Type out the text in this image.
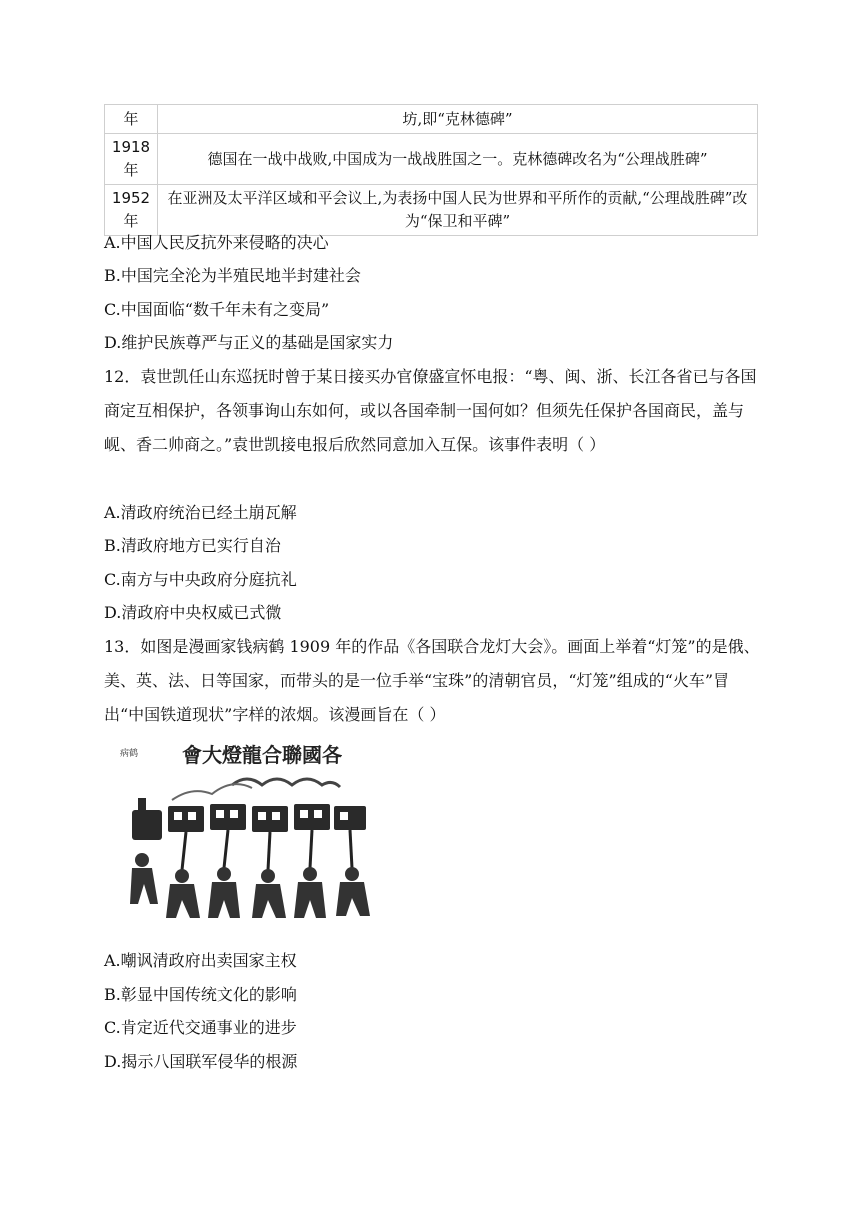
年	坊,即“克林德碑”
1918
年	德国在一战中战败,中国成为一战战胜国之一。克林德碑改名为“公理战胜碑”
1952
年	在亚洲及太平洋区域和平会议上,为表扬中国人民为世界和平所作的贡献,“公理战胜碑”改为“保卫和平碑”
A.中国人民反抗外来侵略的决心
B.中国完全沦为半殖民地半封建社会
C.中国面临“数千年未有之变局”
D.维护民族尊严与正义的基础是国家实力
12．袁世凯任山东巡抚时曾于某日接买办官僚盛宣怀电报：“粤、闽、浙、长江各省已与各国商定互相保护，各领事询山东如何，或以各国牵制一国何如？但须先任保护各国商民，盖与岘、香二帅商之。”袁世凯接电报后欣然同意加入互保。该事件表明（ ）
A.清政府统治已经土崩瓦解
B.清政府地方已实行自治
C.南方与中央政府分庭抗礼
D.清政府中央权威已式微
13．如图是漫画家钱病鹤 1909 年的作品《各国联合龙灯大会》。画面上举着“灯笼”的是俄、美、英、法、日等国家，而带头的是一位手举“宝珠”的清朝官员，“灯笼”组成的“火车”冒出“中国铁道现状”字样的浓烟。该漫画旨在（ ）
會大燈龍合聯國各
病鹤
A.嘲讽清政府出卖国家主权
B.彰显中国传统文化的影响
C.肯定近代交通事业的进步
D.揭示八国联军侵华的根源
